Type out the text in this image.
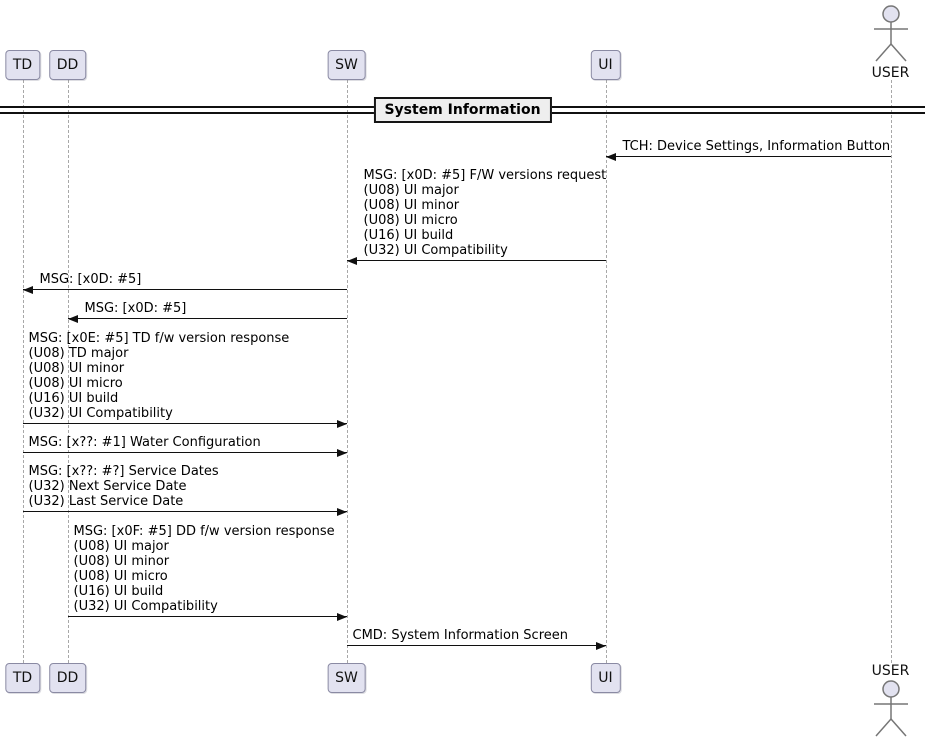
System Information
TD
TD
DD
DD
SW
SW
UI
UI
USER
USER
TCH: Device Settings, Information Button
MSG: [x0D: #5] F/W versions request
(U08) UI major
(U08) UI minor
(U08) UI micro
(U16) UI build
(U32) UI Compatibility
MSG: [x0D: #5]
MSG: [x0D: #5]
MSG: [x0E: #5] TD f/w version response
(U08) TD major
(U08) UI minor
(U08) UI micro
(U16) UI build
(U32) UI Compatibility
MSG: [x??: #1] Water Configuration
MSG: [x??: #?] Service Dates
(U32) Next Service Date
(U32) Last Service Date
MSG: [x0F: #5] DD f/w version response
(U08) UI major
(U08) UI minor
(U08) UI micro
(U16) UI build
(U32) UI Compatibility
CMD: System Information Screen
